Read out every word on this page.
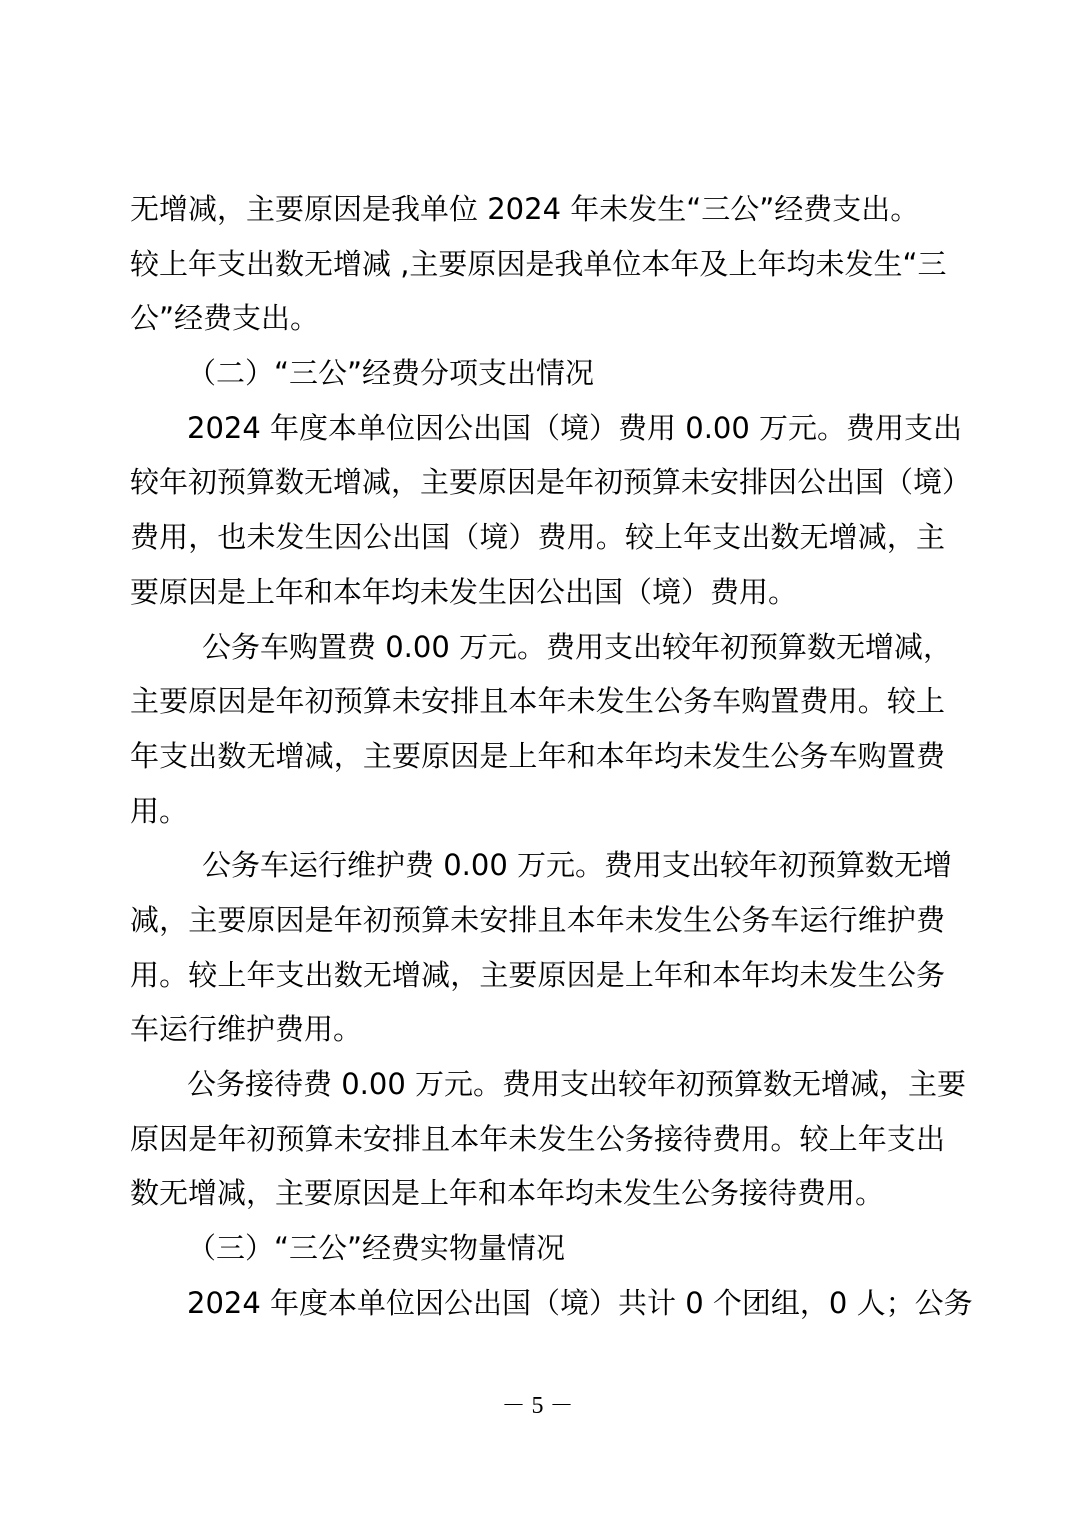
无增减，主要原因是我单位 2024 年未发生“三公”经费支出。
较上年支出数无增减 ,主要原因是我单位本年及上年均未发生“三
公”经费支出。
（二）“三公”经费分项支出情况
2024 年度本单位因公出国（境）费用 0.00 万元。费用支出
较年初预算数无增减，主要原因是年初预算未安排因公出国（境）
费用，也未发生因公出国（境）费用。较上年支出数无增减，主
要原因是上年和本年均未发生因公出国（境）费用。
公务车购置费 0.00 万元。费用支出较年初预算数无增减，
主要原因是年初预算未安排且本年未发生公务车购置费用。较上
年支出数无增减，主要原因是上年和本年均未发生公务车购置费
用。
公务车运行维护费 0.00 万元。费用支出较年初预算数无增
减，主要原因是年初预算未安排且本年未发生公务车运行维护费
用。较上年支出数无增减，主要原因是上年和本年均未发生公务
车运行维护费用。
公务接待费 0.00 万元。费用支出较年初预算数无增减，主要
原因是年初预算未安排且本年未发生公务接待费用。较上年支出
数无增减，主要原因是上年和本年均未发生公务接待费用。
（三）“三公”经费实物量情况
2024 年度本单位因公出国（境）共计 0 个团组，0 人；公务
－ 5 －
